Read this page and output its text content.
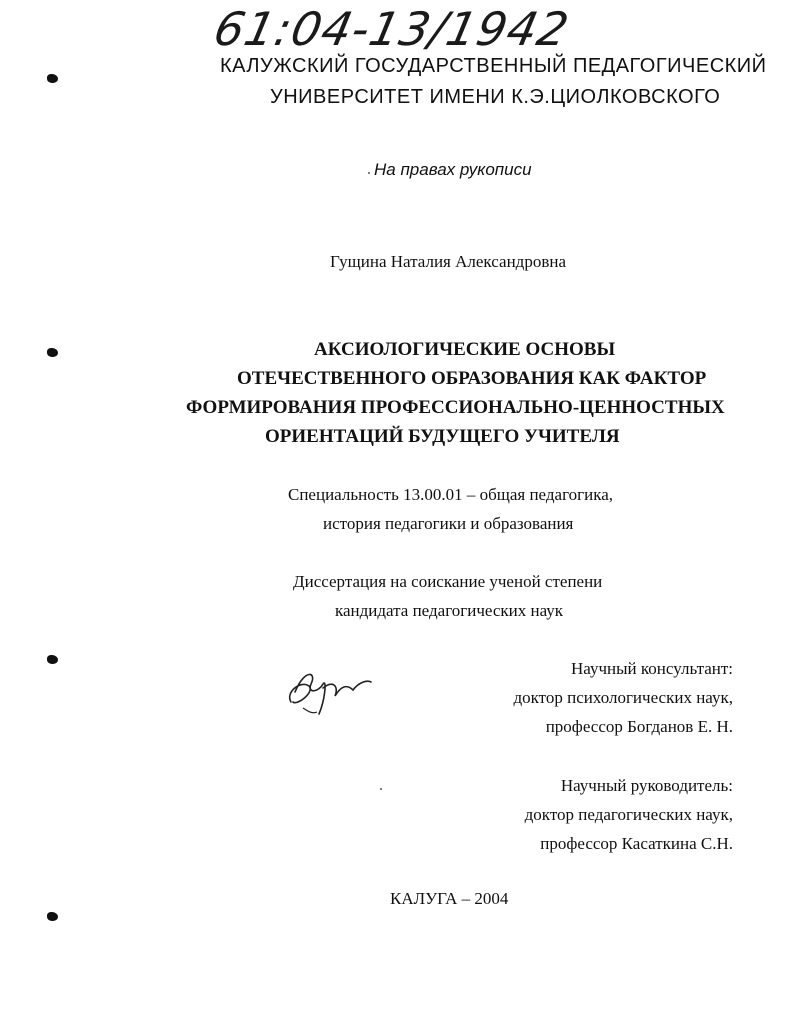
61:04-13/1942
КАЛУЖСКИЙ ГОСУДАРСТВЕННЫЙ ПЕДАГОГИЧЕСКИЙ
УНИВЕРСИТЕТ ИМЕНИ К.Э.ЦИОЛКОВСКОГО
На правах рукописи
Гущина Наталия Александровна
АКСИОЛОГИЧЕСКИЕ ОСНОВЫ
ОТЕЧЕСТВЕННОГО ОБРАЗОВАНИЯ КАК ФАКТОР
ФОРМИРОВАНИЯ ПРОФЕССИОНАЛЬНО-ЦЕННОСТНЫХ
ОРИЕНТАЦИЙ БУДУЩЕГО УЧИТЕЛЯ
Специальность 13.00.01 – общая педагогика,
история педагогики и образования
Диссертация на соискание ученой степени
кандидата педагогических наук
Научный консультант:
доктор психологических наук,
профессор Богданов Е. Н.
Научный руководитель:
доктор педагогических наук,
профессор Касаткина С.Н.
КАЛУГА – 2004
